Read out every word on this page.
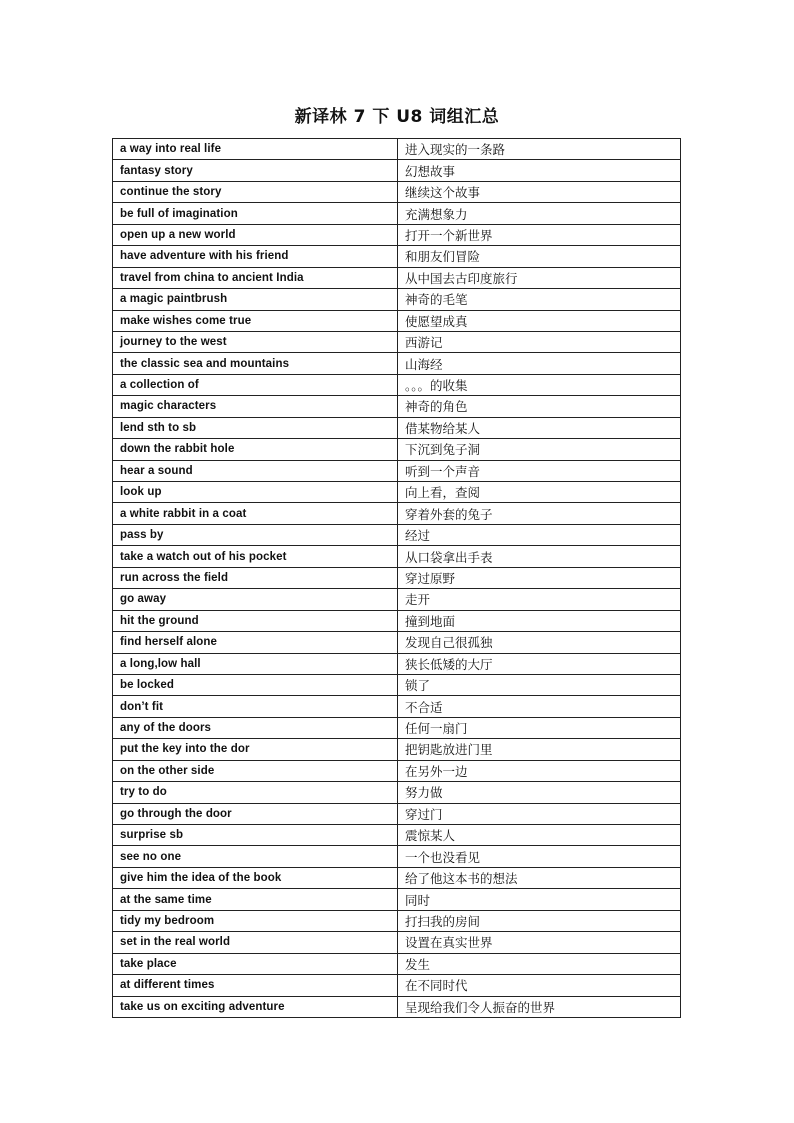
新译林 7 下 U8 词组汇总
a way into real life	进入现实的一条路
fantasy story	幻想故事
continue the story	继续这个故事
be full of imagination	充满想象力
open up a new world	打开一个新世界
have adventure with his friend	和朋友们冒险
travel from china to ancient India	从中国去古印度旅行
a magic paintbrush	神奇的毛笔
make wishes come true	使愿望成真
journey to the west	西游记
the classic sea and mountains	山海经
a collection of	。。。的收集
magic characters	神奇的角色
lend sth to sb	借某物给某人
down the rabbit hole	下沉到兔子洞
hear a sound	听到一个声音
look up	向上看，查阅
a white rabbit in a coat	穿着外套的兔子
pass by	经过
take a watch out of his pocket	从口袋拿出手表
run across the field	穿过原野
go away	走开
hit the ground	撞到地面
find herself alone	发现自己很孤独
a long,low hall	狭长低矮的大厅
be locked	锁了
don’t fit	不合适
any of the doors	任何一扇门
put the key into the dor	把钥匙放进门里
on the other side	在另外一边
try to do	努力做
go through the door	穿过门
surprise sb	震惊某人
see no one	一个也没看见
give him the idea of the book	给了他这本书的想法
at the same time	同时
tidy my bedroom	打扫我的房间
set in the real world	设置在真实世界
take place	发生
at different times	在不同时代
take us on exciting adventure	呈现给我们令人振奋的世界
